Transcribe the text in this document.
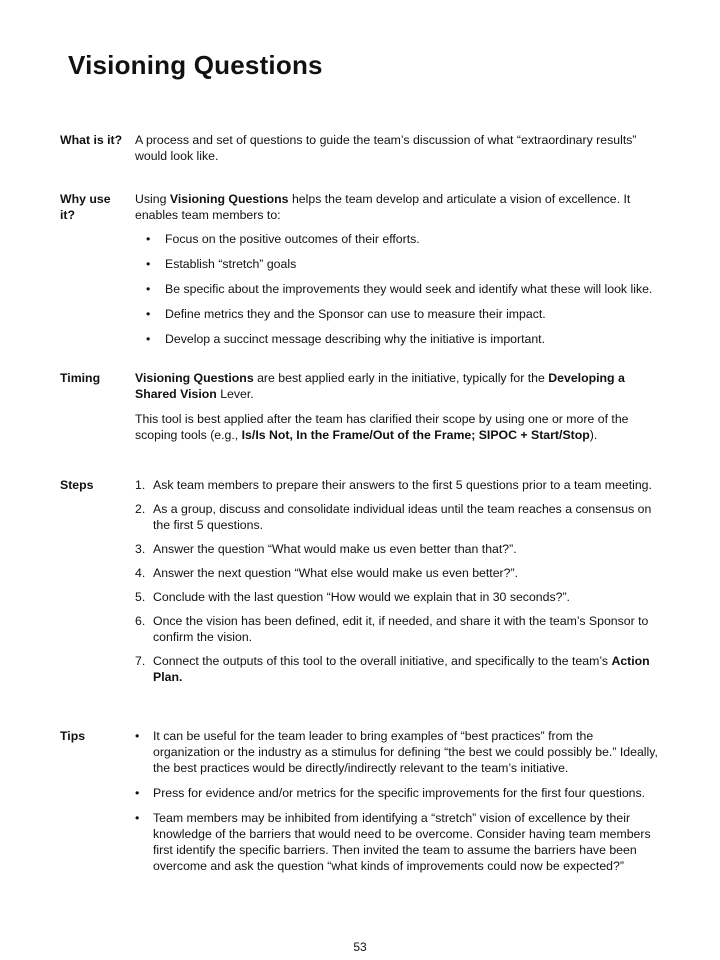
Visioning Questions
What is it?	A process and set of questions to guide the team’s discussion of what “extraordinary results” would look like.

Why use it?

Using Visioning Questions helps the team develop and articulate a vision of excellence. It enables team members to:

• Focus on the positive outcomes of their efforts.
• Establish “stretch” goals
• Be specific about the improvements they would seek and identify what these will look like.
• Define metrics they and the Sponsor can use to measure their impact.
• Develop a succinct message describing why the initiative is important.
Timing	Visioning Questions are best applied early in the initiative, typically for the Developing a Shared Vision Lever.

This tool is best applied after the team has clarified their scope by using one or more of the scoping tools (e.g., Is/Is Not, In the Frame/Out of the Frame; SIPOC + Start/Stop).

Steps	1. Ask team members to prepare their answers to the first 5 questions prior to a team meeting.
2. As a group, discuss and consolidate individual ideas until the team reaches a consensus on the first 5 questions.
3. Answer the question “What would make us even better than that?”.
4. Answer the next question “What else would make us even better?”.
5. Conclude with the last question “How would we explain that in 30 seconds?”.
6. Once the vision has been defined, edit it, if needed, and share it with the team’s Sponsor to confirm the vision.
7. Connect the outputs of this tool to the overall initiative, and specifically to the team’s Action Plan.
Tips
•	It can be useful for the team leader to bring examples of “best practices” from the organization or the industry as a stimulus for defining “the best we could possibly be.” Ideally, the best practices would be directly/indirectly relevant to the team’s initiative.
• Press for evidence and/or metrics for the specific improvements for the first four questions.
• Team members may be inhibited from identifying a “stretch” vision of excellence by their knowledge of the barriers that would need to be overcome. Consider having team members first identify the specific barriers. Then invited the team to assume the barriers have been overcome and ask the question “what kinds of improvements could now be expected?”
53
